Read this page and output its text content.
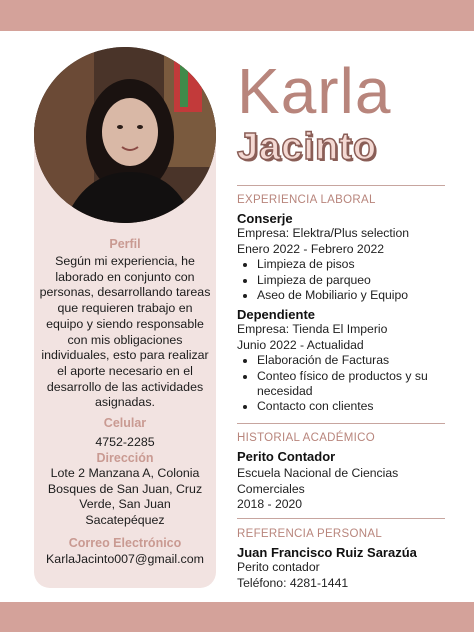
Perfil
Según mi experiencia, he laborado en conjunto con personas, desarrollando tareas que requieren trabajo en equipo y siendo responsable con mis obligaciones individuales, esto para realizar el aporte necesario en el desarrollo de las actividades asignadas.
Celular
4752-2285
Dirección
Lote 2 Manzana A, Colonia Bosques de San Juan, Cruz Verde, San Juan Sacatepéquez
Correo Electrónico
KarlaJacinto007@gmail.com
Karla
Jacinto
EXPERIENCIA LABORAL
Conserje
Empresa: Elektra/Plus selection
Enero 2022 - Febrero 2022
• Limpieza de pisos
• Limpieza de parqueo
• Aseo de Mobiliario y Equipo
Dependiente
Empresa: Tienda El Imperio
Junio 2022 - Actualidad
• Elaboración de Facturas
• Conteo físico de productos y su necesidad
• Contacto con clientes
HISTORIAL ACADÉMICO
Perito Contador
Escuela Nacional de Ciencias Comerciales
2018 - 2020
REFERENCIA PERSONAL
Juan Francisco Ruiz Sarazúa
Perito contador
Teléfono: 4281-1441
